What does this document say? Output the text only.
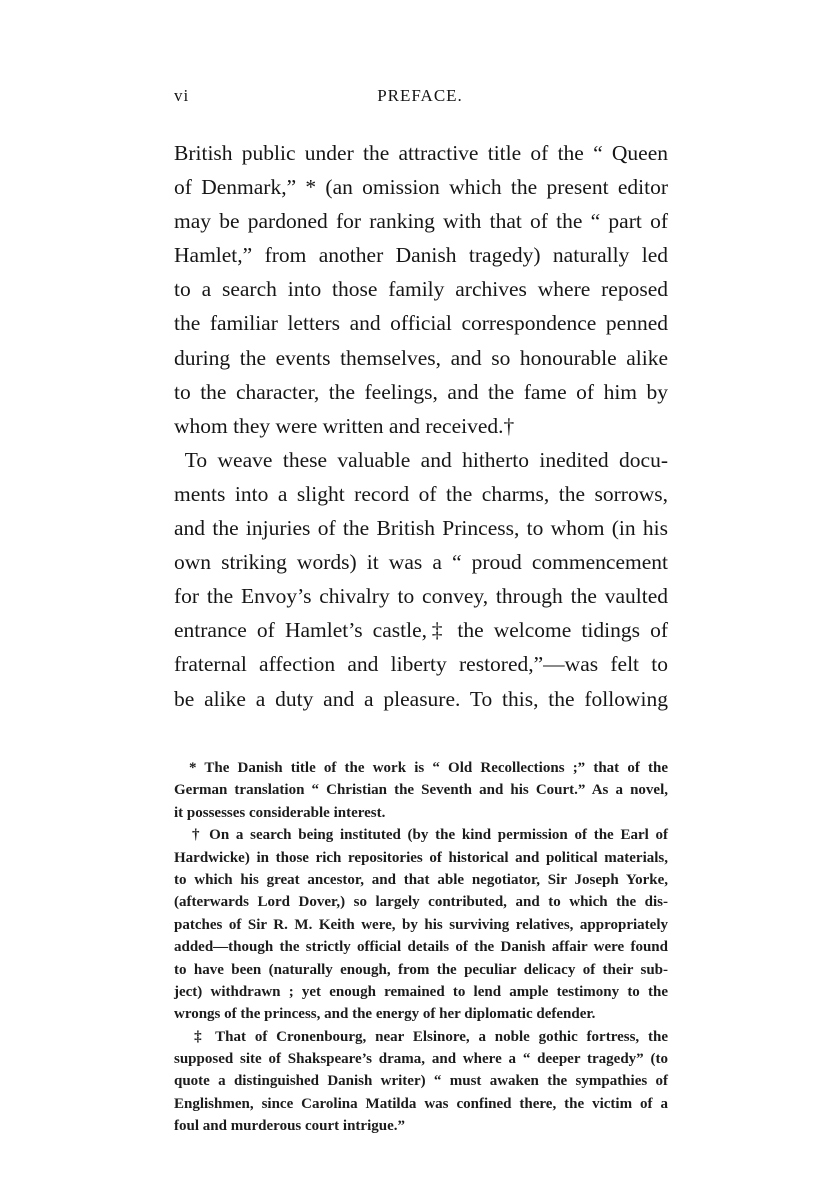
vi	PREFACE.
British public under the attractive title of the “ Queen
of Denmark,” * (an omission which the present editor
may be pardoned for ranking with that of the “ part of
Hamlet,” from another Danish tragedy) naturally led
to a search into those family archives where reposed
the familiar letters and official correspondence penned
during the events themselves, and so honourable alike
to the character, the feelings, and the fame of him by
whom they were written and received.†
 To weave these valuable and hitherto inedited docu-
ments into a slight record of the charms, the sorrows,
and the injuries of the British Princess, to whom (in his
own striking words) it was a “ proud commencement
for the Envoy’s chivalry to convey, through the vaulted
entrance of Hamlet’s castle,‡ the welcome tidings of
fraternal affection and liberty restored,”—was felt to
be alike a duty and a pleasure. To this, the following
 * The Danish title of the work is “ Old Recollections ;” that of the
German translation “ Christian the Seventh and his Court.” As a novel,
it possesses considerable interest.
 † On a search being instituted (by the kind permission of the Earl of
Hardwicke) in those rich repositories of historical and political materials,
to which his great ancestor, and that able negotiator, Sir Joseph Yorke,
(afterwards Lord Dover,) so largely contributed, and to which the dis-
patches of Sir R. M. Keith were, by his surviving relatives, appropriately
added—though the strictly official details of the Danish affair were found
to have been (naturally enough, from the peculiar delicacy of their sub-
ject) withdrawn ; yet enough remained to lend ample testimony to the
wrongs of the princess, and the energy of her diplomatic defender.
 ‡ That of Cronenbourg, near Elsinore, a noble gothic fortress, the
supposed site of Shakspeare’s drama, and where a “ deeper tragedy” (to
quote a distinguished Danish writer) “ must awaken the sympathies of
Englishmen, since Carolina Matilda was confined there, the victim of a
foul and murderous court intrigue.”
